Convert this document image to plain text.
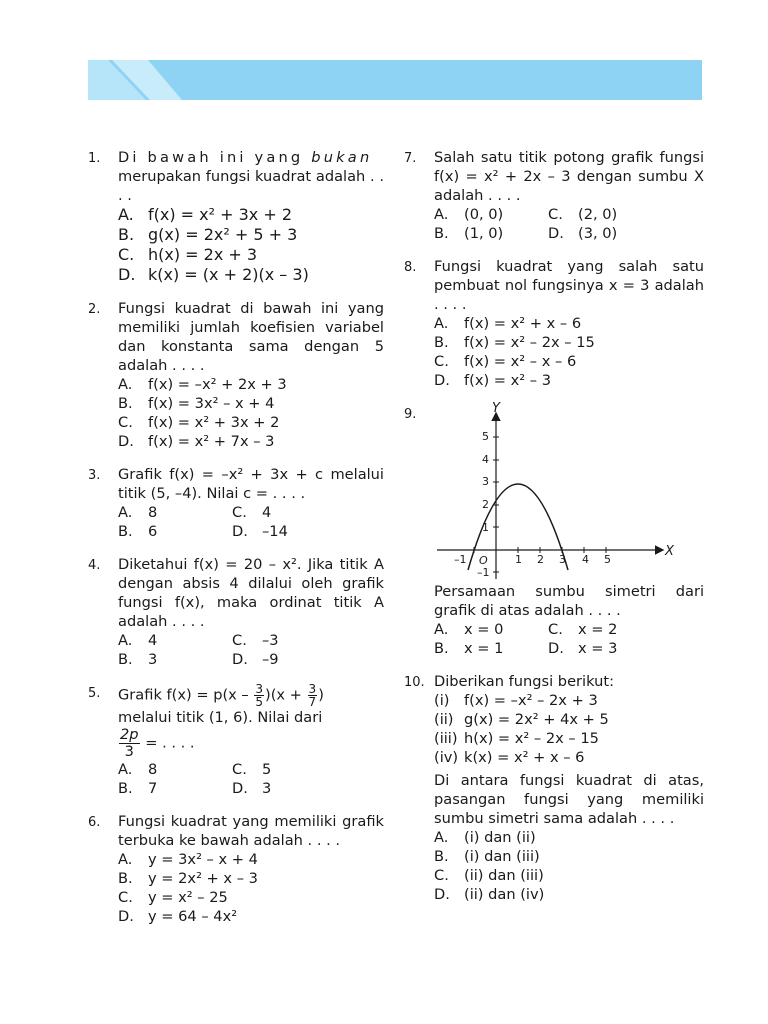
1. Di bawah ini yang bukan
merupakan fungsi kuadrat adalah . . . .
A. f(x) = x² + 3x + 2
B. g(x) = 2x² + 5 + 3
C. h(x) = 2x + 3
D. k(x) = (x + 2)(x – 3)
2. Fungsi kuadrat di bawah ini yang memiliki jumlah koefisien variabel dan konstanta sama dengan 5 adalah . . . .
A. f(x) = –x² + 2x + 3
B. f(x) = 3x² – x + 4
C. f(x) = x² + 3x + 2
D. f(x) = x² + 7x – 3
3. Grafik f(x) = –x² + 3x + c melalui titik (5, –4). Nilai c = . . . .
A. 8	C. 4
B. 6	D. –14
4. Diketahui f(x) = 20 – x². Jika titik A dengan absis 4 dilalui oleh grafik fungsi f(x), maka ordinat titik A adalah . . . .
A. 4	C. –3
B. 3	D. –9
5. Grafik $f(x) = p(x - \frac{3}{5} )(x + \frac{3}{7}$ )
melalui titik (1, 6). Nilai dari
$\frac{2p}{3}$ = . . . .
A. 8	C. 5
B. 7	D. 3
6. Fungsi kuadrat yang memiliki grafik terbuka ke bawah adalah . . . .
A. y = 3x² – x + 4
B. y = 2x² + x – 3
C. y = x² – 25
D. y = 64 – 4x²
7. Salah satu titik potong grafik fungsi f(x) = x² + 2x – 3 dengan sumbu X adalah . . . .
A. (0, 0)	C. (2, 0)
B. (1, 0)	D. (3, 0)
8. Fungsi kuadrat yang salah satu pembuat nol fungsinya x = 3 adalah . . . .
A. f(x) = x² + x – 6
B. f(x) = x² – 2x – 15
C. f(x) = x² – x – 6
D. f(x) = x² – 3
9.	Y
X
O
–1	1 2 3 4 5
–1
1
2
3
4
5
Persamaan sumbu simetri dari grafik di atas adalah . . . .
A. x = 0	C. x = 2
B. x = 1	D. x = 3
10. Diberikan fungsi berikut:
(i) f(x) = –x² – 2x + 3
(ii) g(x) = 2x² + 4x + 5
(iii) h(x) = x² – 2x – 15
(iv) k(x) = x² + x – 6
Di antara fungsi kuadrat di atas, pasangan fungsi yang memiliki sumbu simetri sama adalah . . . .
A. (i) dan (ii)
B. (i) dan (iii)
C. (ii) dan (iii)
D. (ii) dan (iv)
